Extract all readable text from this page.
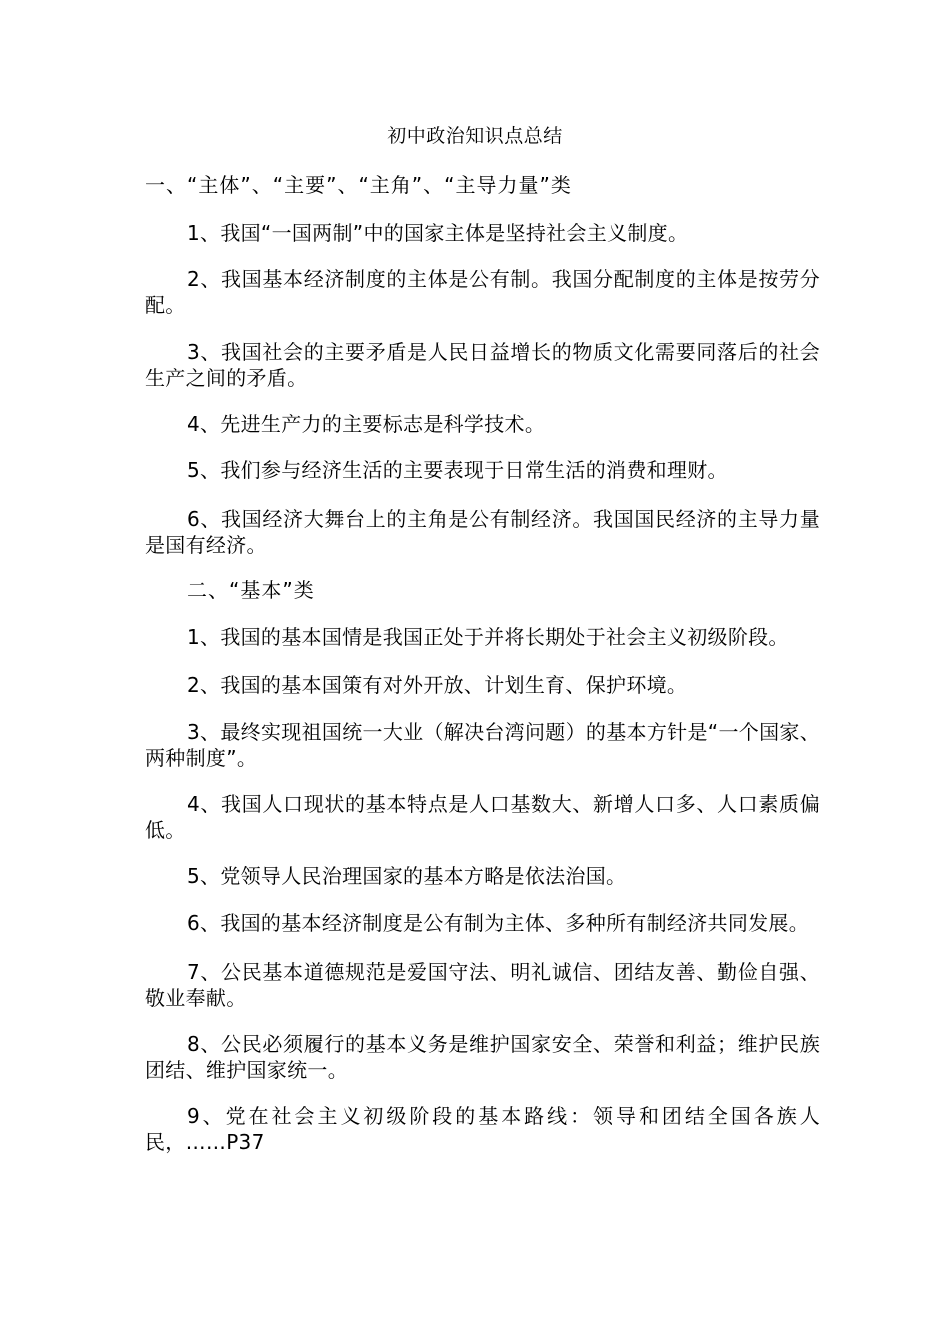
初中政治知识点总结
一、“主体”、“主要”、“主角”、“主导力量”类
1、我国“一国两制”中的国家主体是坚持社会主义制度。
2、我国基本经济制度的主体是公有制。我国分配制度的主体是按劳分配。
3、我国社会的主要矛盾是人民日益增长的物质文化需要同落后的社会生产之间的矛盾。
4、先进生产力的主要标志是科学技术。
5、我们参与经济生活的主要表现于日常生活的消费和理财。
6、我国经济大舞台上的主角是公有制经济。我国国民经济的主导力量是国有经济。
二、“基本”类
1、我国的基本国情是我国正处于并将长期处于社会主义初级阶段。
2、我国的基本国策有对外开放、计划生育、保护环境。
3、最终实现祖国统一大业（解决台湾问题）的基本方针是“一个国家、两种制度”。
4、我国人口现状的基本特点是人口基数大、新增人口多、人口素质偏低。
5、党领导人民治理国家的基本方略是依法治国。
6、我国的基本经济制度是公有制为主体、多种所有制经济共同发展。
7、公民基本道德规范是爱国守法、明礼诚信、团结友善、勤俭自强、敬业奉献。
8、公民必须履行的基本义务是维护国家安全、荣誉和利益；维护民族团结、维护国家统一。
9、党在社会主义初级阶段的基本路线：领导和团结全国各族人民，……P37
